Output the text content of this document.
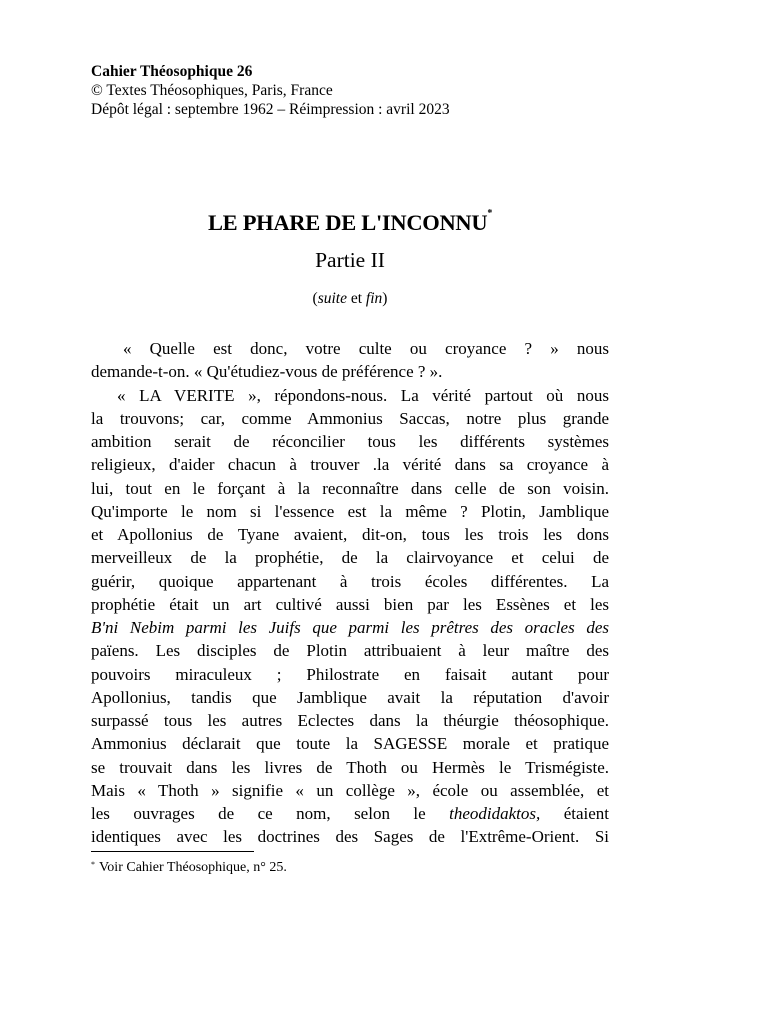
Cahier Théosophique 26
© Textes Théosophiques, Paris, France
Dépôt légal : septembre 1962 – Réimpression : avril 2023
LE PHARE DE L'INCONNU*
Partie II
(suite et fin)
« Quelle est donc, votre culte ou croyance ? » nous
demande-t-on. « Qu'étudiez-vous de préférence ? ».
« LA VERITE », répondons-nous. La vérité partout où nous
la trouvons; car, comme Ammonius Saccas, notre plus grande
ambition serait de réconcilier tous les différents systèmes
religieux, d'aider chacun à trouver .la vérité dans sa croyance à
lui, tout en le forçant à la reconnaître dans celle de son voisin.
Qu'importe le nom si l'essence est la même ? Plotin, Jamblique
et Apollonius de Tyane avaient, dit-on, tous les trois les dons
merveilleux de la prophétie, de la clairvoyance et celui de
guérir, quoique appartenant à trois écoles différentes. La
prophétie était un art cultivé aussi bien par les Essènes et les
B'ni Nebim parmi les Juifs que parmi les prêtres des oracles des
païens. Les disciples de Plotin attribuaient à leur maître des
pouvoirs miraculeux ; Philostrate en faisait autant pour
Apollonius, tandis que Jamblique avait la réputation d'avoir
surpassé tous les autres Eclectes dans la théurgie théosophique.
Ammonius déclarait que toute la SAGESSE morale et pratique
se trouvait dans les livres de Thoth ou Hermès le Trismégiste.
Mais « Thoth » signifie « un collège », école ou assemblée, et
les ouvrages de ce nom, selon le theodidaktos, étaient
identiques avec les doctrines des Sages de l'Extrême-Orient. Si
* Voir Cahier Théosophique, n° 25.
